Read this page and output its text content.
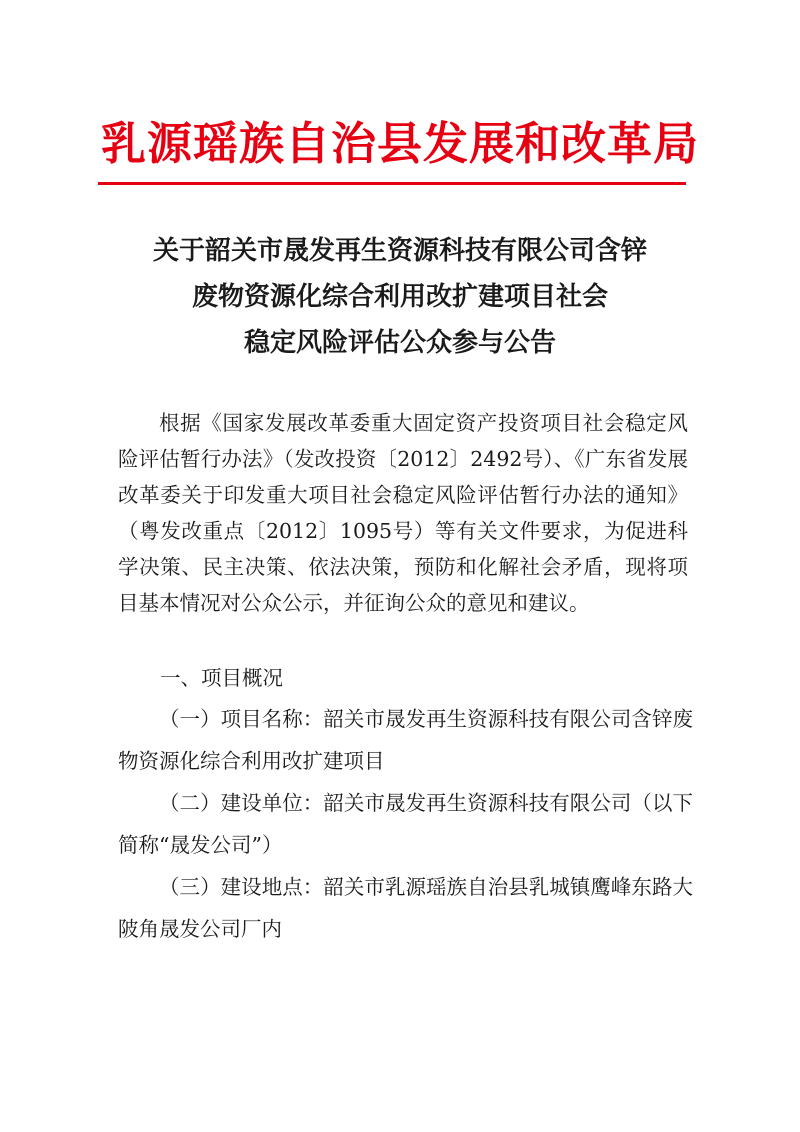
乳源瑶族自治县发展和改革局
关于韶关市晟发再生资源科技有限公司含锌
废物资源化综合利用改扩建项目社会
稳定风险评估公众参与公告

根据《国家发展改革委重大固定资产投资项目社会稳定风险评估暂行办法》（发改投资〔2012〕2492号）、《广东省发展改革委关于印发重大项目社会稳定风险评估暂行办法的通知》（粤发改重点〔2012〕1095号）等有关文件要求，为促进科学决策、民主决策、依法决策，预防和化解社会矛盾，现将项目基本情况对公众公示，并征询公众的意见和建议。

一、项目概况

（一）项目名称：韶关市晟发再生资源科技有限公司含锌废物资源化综合利用改扩建项目

（二）建设单位：韶关市晟发再生资源科技有限公司（以下简称“晟发公司”）

（三）建设地点：韶关市乳源瑶族自治县乳城镇鹰峰东路大陂角晟发公司厂内
